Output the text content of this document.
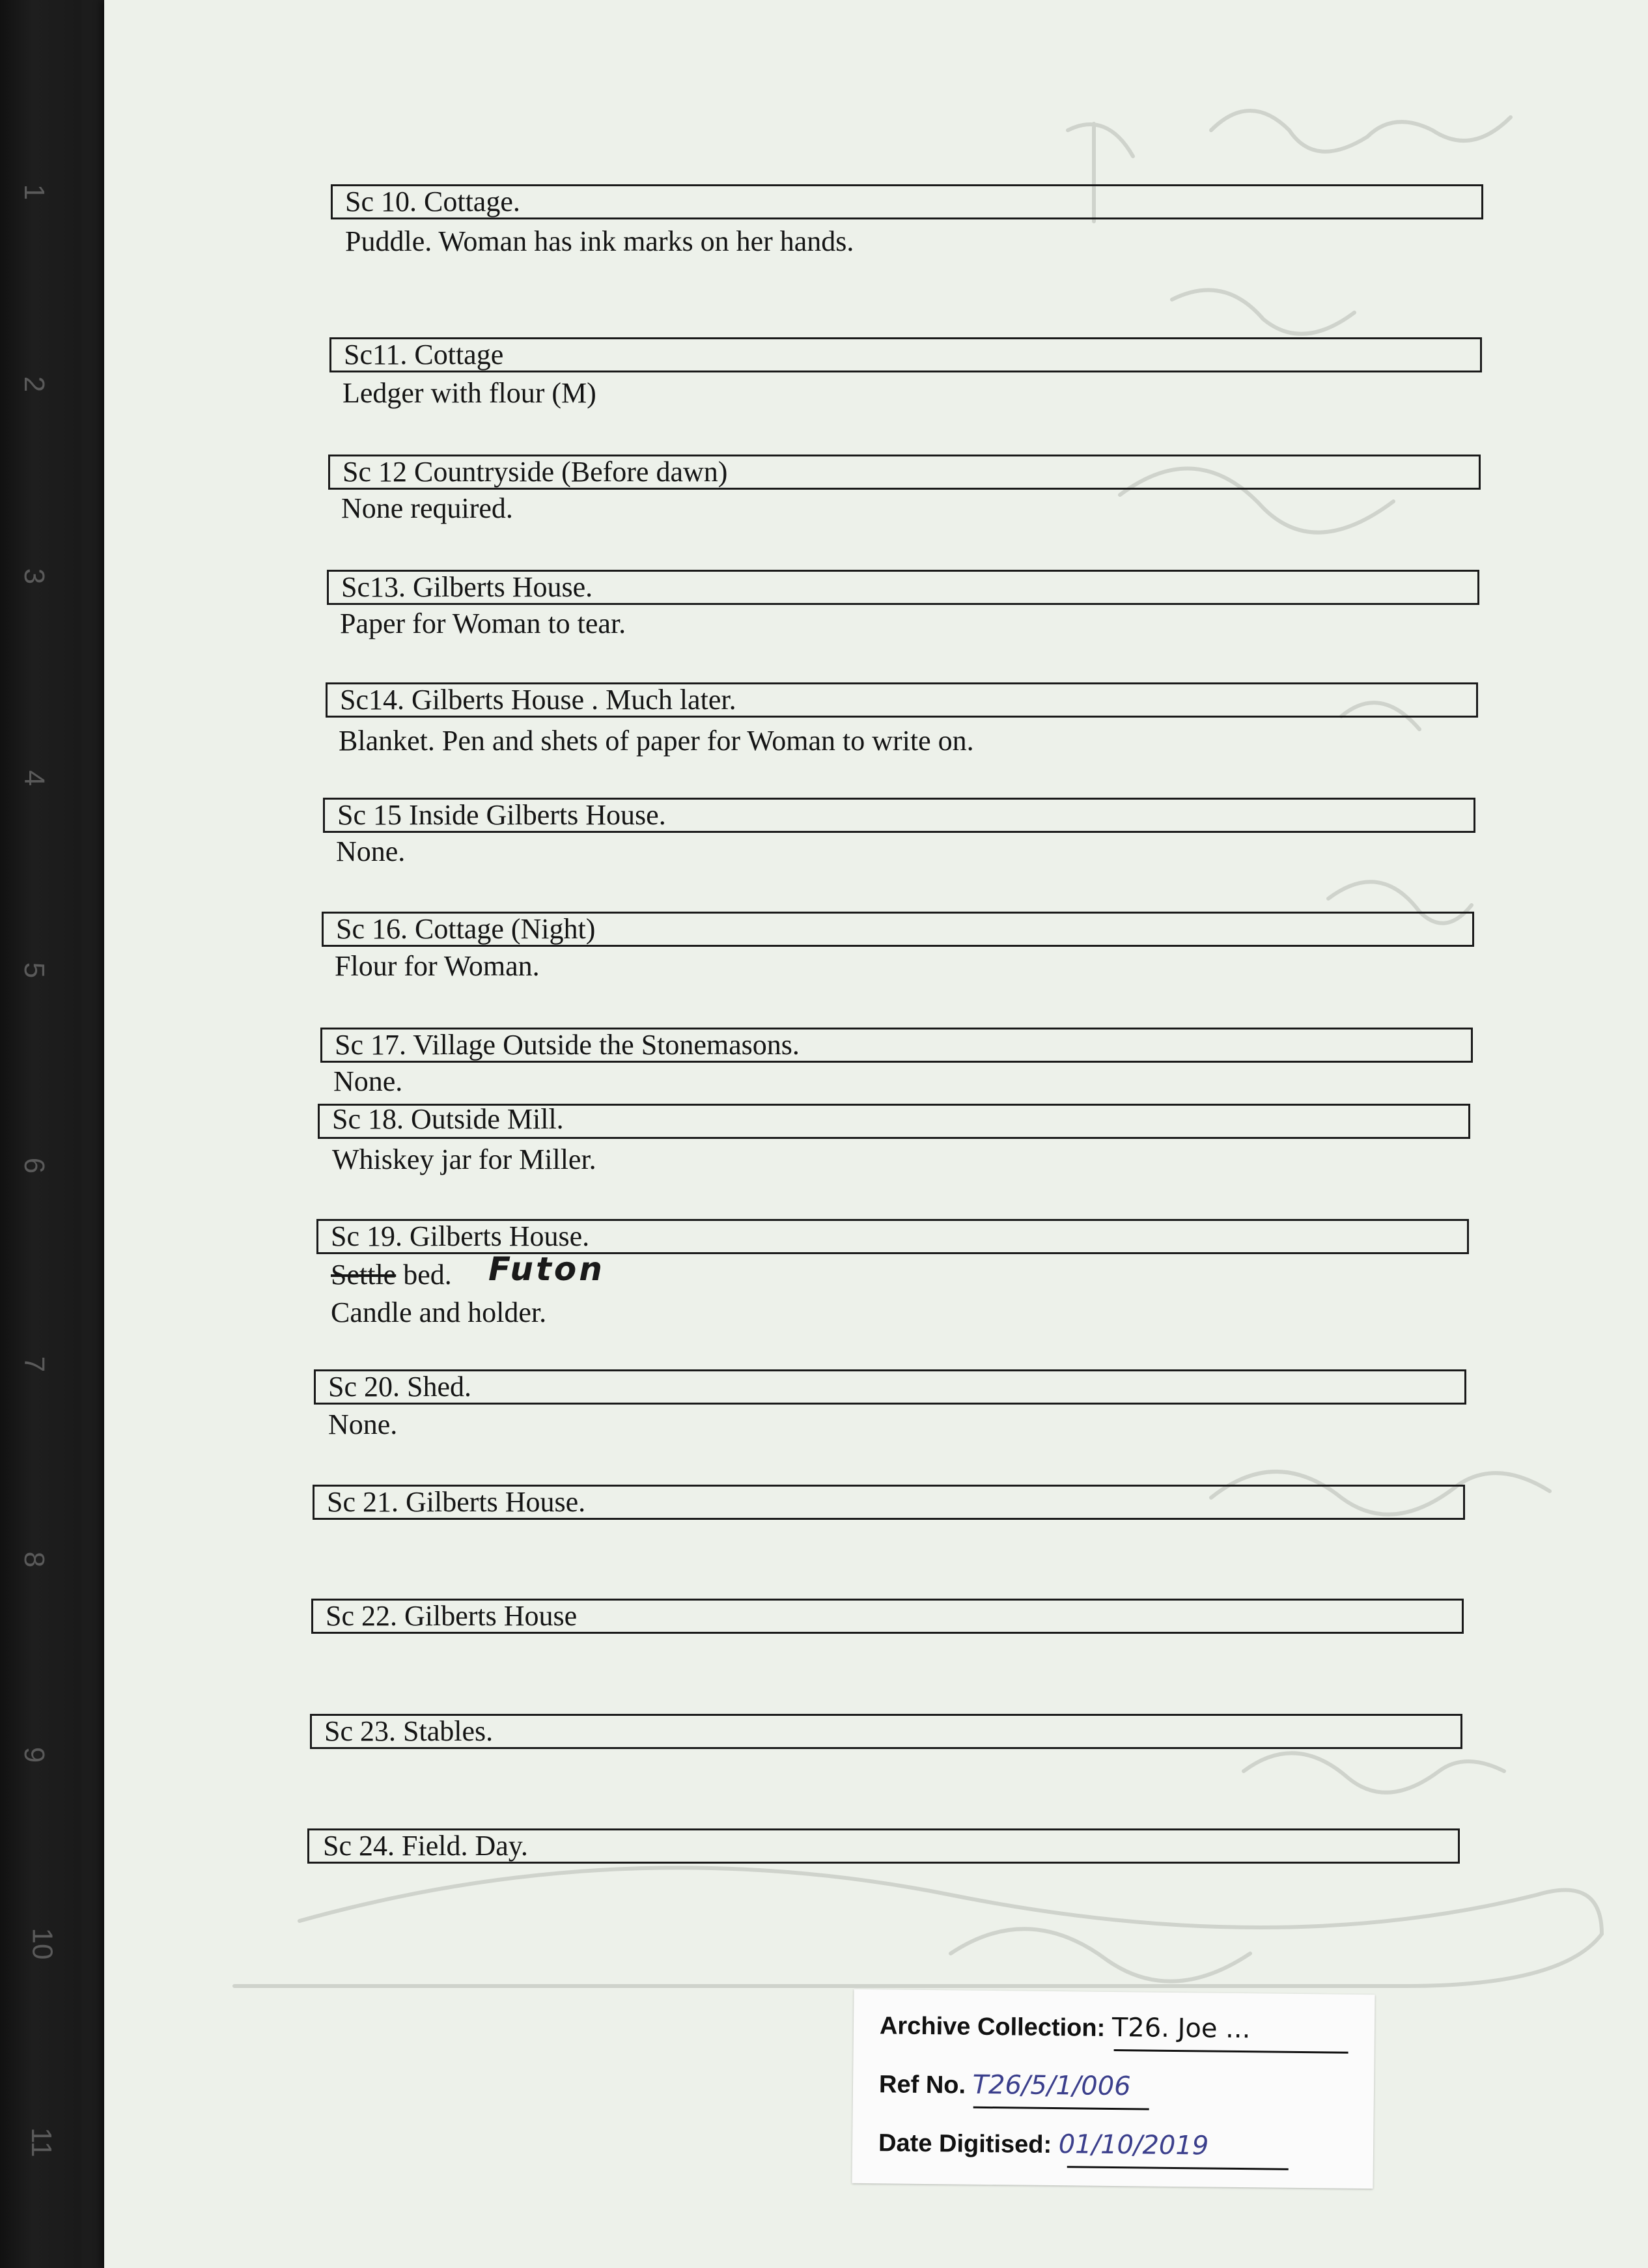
1
2
3
4
5
6
7
8
9
10
11
Sc 10. Cottage.
Puddle. Woman has ink marks on her hands.
Sc11. Cottage
Ledger with flour (M)
Sc 12 Countryside (Before dawn)
None required.
Sc13. Gilberts House.
Paper for Woman to tear.
Sc14. Gilberts House . Much later.
Blanket. Pen and shets of paper for Woman to write on.
Sc 15 Inside Gilberts House.
None.
Sc 16. Cottage (Night)
Flour for Woman.
Sc 17. Village Outside the Stonemasons.
None.
Sc 18. Outside Mill.
Whiskey jar for Miller.
Sc 19. Gilberts House.
Settle bed. Futon
Candle and holder.
Sc 20. Shed.
None.
Sc 21. Gilberts House.
Sc 22. Gilberts House
Sc 23. Stables.
Sc 24. Field. Day.
Archive Collection: T26. Joe ...
Ref No. T26/5/1/006
Date Digitised: 01/10/2019
